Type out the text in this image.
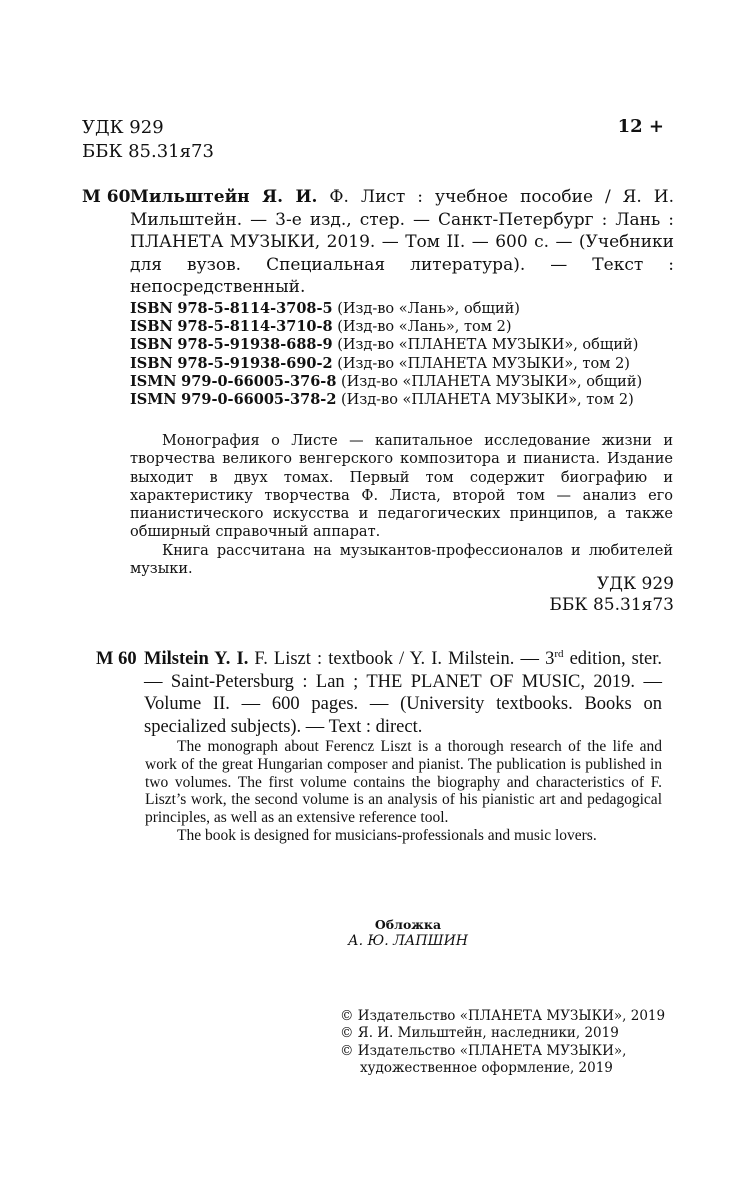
УДК 929
ББК 85.31я73
12 +
М 60 Мильштейн Я. И. Ф. Лист : учебное пособие / Я. И. Мильштейн. — 3-е изд., стер. — Санкт-Петербург : Лань : ПЛАНЕТА МУЗЫКИ, 2019. — Том II. — 600 с. — (Учебники для вузов. Специальная литература). — Текст : непосредственный.
ISBN 978-5-8114-3708-5 (Изд-во «Лань», общий)
ISBN 978-5-8114-3710-8 (Изд-во «Лань», том 2)
ISBN 978-5-91938-688-9 (Изд-во «ПЛАНЕТА МУЗЫКИ», общий)
ISBN 978-5-91938-690-2 (Изд-во «ПЛАНЕТА МУЗЫКИ», том 2)
ISMN 979-0-66005-376-8 (Изд-во «ПЛАНЕТА МУЗЫКИ», общий)
ISMN 979-0-66005-378-2 (Изд-во «ПЛАНЕТА МУЗЫКИ», том 2)

Монография о Листе — капитальное исследование жизни и творчества великого венгерского композитора и пианиста. Издание выходит в двух томах. Первый том содержит биографию и характеристику творчества Ф. Листа, второй том — анализ его пианистического искусства и педагогических принципов, а также обширный справочный аппарат.

Книга рассчитана на музыкантов-профессионалов и любителей музыки.

УДК 929
ББК 85.31я73
M 60 Milstein Y. I. F. Liszt : textbook / Y. I. Milstein. — 3rd edition, ster. — Saint-Petersburg : Lan ; THE PLANET OF MUSIC, 2019. — Volume II. — 600 pages. — (University textbooks. Books on specialized subjects). — Text : direct.

The monograph about Ferencz Liszt is a thorough research of the life and work of the great Hungarian composer and pianist. The publication is published in two volumes. The first volume contains the biography and characteristics of F. Liszt’s work, the second volume is an analysis of his pianistic art and pedagogical principles, as well as an extensive reference tool.

The book is designed for musicians-professionals and music lovers.

Обложка
А. Ю. ЛАПШИН
© Издательство «ПЛАНЕТА МУЗЫКИ», 2019
© Я. И. Мильштейн, наследники, 2019
© Издательство «ПЛАНЕТА МУЗЫКИ»,
художественное оформление, 2019
